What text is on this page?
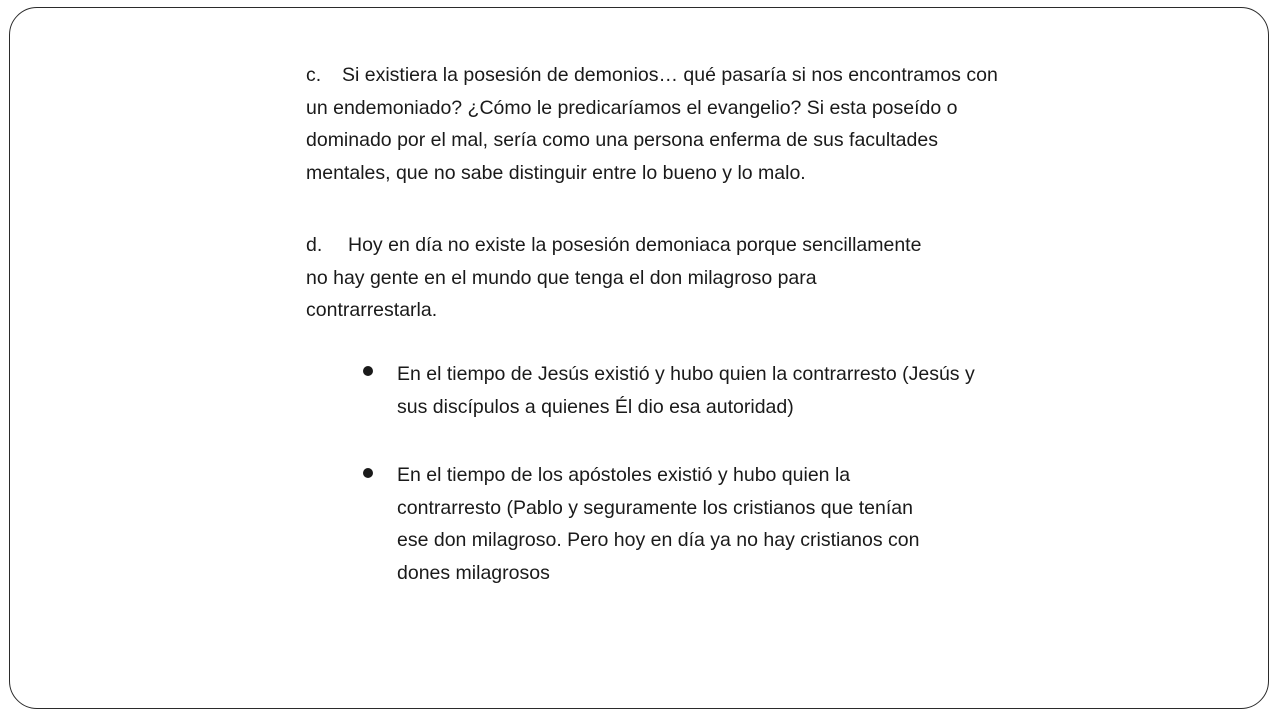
c. Si existiera la posesión de demonios… qué pasaría si nos encontramos con
un endemoniado? ¿Cómo le predicaríamos el evangelio? Si esta poseído o
dominado por el mal, sería como una persona enferma de sus facultades
mentales, que no sabe distinguir entre lo bueno y lo malo.
d. Hoy en día no existe la posesión demoniaca porque sencillamente
no hay gente en el mundo que tenga el don milagroso para
contrarrestarla.
En el tiempo de Jesús existió y hubo quien la contrarresto (Jesús y
sus discípulos a quienes Él dio esa autoridad)
En el tiempo de los apóstoles existió y hubo quien la
contrarresto (Pablo y seguramente los cristianos que tenían
ese don milagroso. Pero hoy en día ya no hay cristianos con
dones milagrosos
